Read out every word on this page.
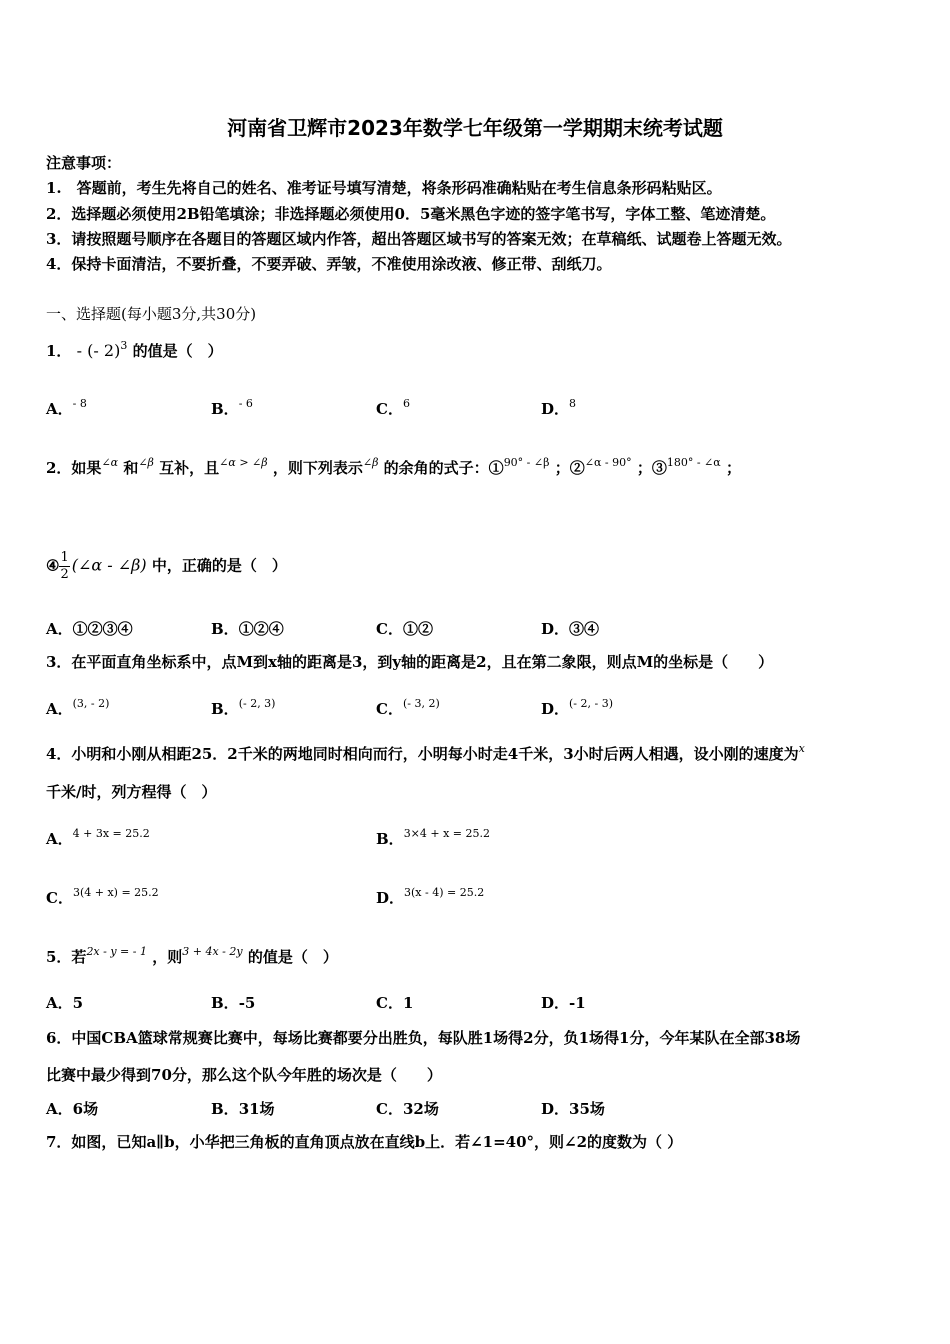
河南省卫辉市2023年数学七年级第一学期期末统考试题
注意事项：
1.　答题前，考生先将自己的姓名、准考证号填写清楚，将条形码准确粘贴在考生信息条形码粘贴区。
2．选择题必须使用2B铅笔填涂；非选择题必须使用0．5毫米黑色字迹的签字笔书写，字体工整、笔迹清楚。
3．请按照题号顺序在各题目的答题区域内作答，超出答题区域书写的答案无效；在草稿纸、试题卷上答题无效。
4．保持卡面清洁，不要折叠，不要弄破、弄皱，不准使用涂改液、修正带、刮纸刀。
一、选择题(每小题3分,共30分)
1． - (- 2)$^3$ 的值是（　）
A．$^{- 8}$	B．$^{- 6}$	C．$^6$	D．$^8$
2．如果$^{\angle\alpha}$ 和$^{\angle\beta}$ 互补，且$^{\angle\alpha > \angle\beta}$ ，则下列表示$^{\angle\beta}$ 的余角的式子：①$^{90^\circ - \angle\beta}$ ；②$^{\angle\alpha - 90^\circ}$ ；③$^{180^\circ - \angle\alpha}$ ；
④ $\frac{1}{2}$ (∠α - ∠β) 中，正确的是（　）
A．①②③④	B．①②④	C．①②	D．③④
3．在平面直角坐标系中，点M到x轴的距离是3，到y轴的距离是2，且在第二象限，则点M的坐标是（　　）
A．$^{(3, - 2)}$	B．$^{(- 2, 3)}$	C．$^{(- 3, 2)}$	D．$^{(- 2, - 3)}$
4．小明和小刚从相距25．2千米的两地同时相向而行，小明每小时走4千米，3小时后两人相遇，设小刚的速度为$^x$
千米/时，列方程得（　）
A．$^{4 + 3x = 25.2}$	B．$^{3\times 4 + x = 25.2}$
C．$^{3(4 + x) = 25.2}$	D．$^{3(x - 4) = 25.2}$
5．若$^{2x - y = - 1}$ ，则$^{3 + 4x - 2y}$ 的值是（　）
A．5	B．-5	C．1	D．-1
6．中国CBA篮球常规赛比赛中，每场比赛都要分出胜负，每队胜1场得2分，负1场得1分，今年某队在全部38场
比赛中最少得到70分，那么这个队今年胜的场次是（　　）
A．6场	B．31场	C．32场	D．35场
7．如图，已知a∥b，小华把三角板的直角顶点放在直线b上．若∠1=40°，则∠2的度数为（ ）
